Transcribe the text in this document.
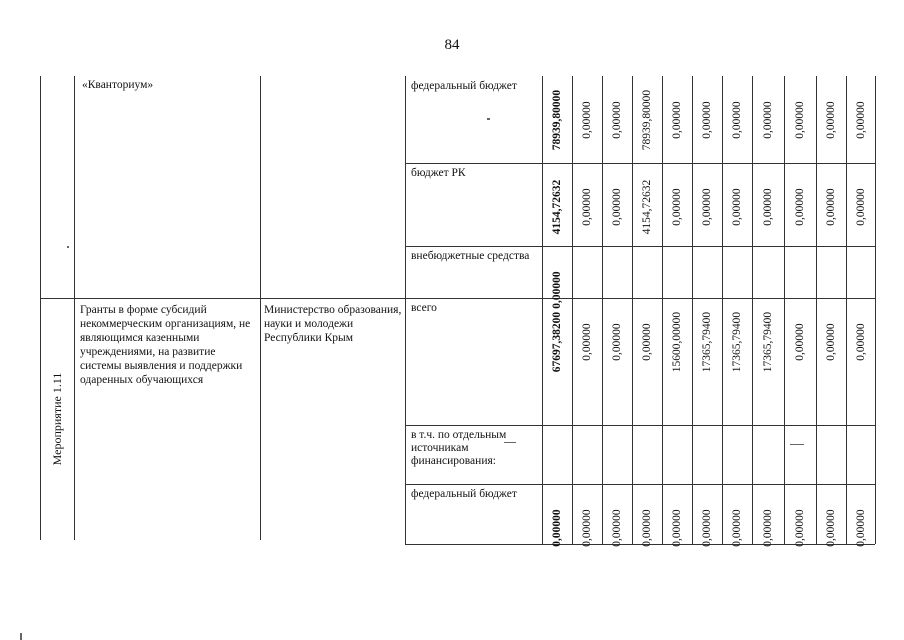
84
«Кванториум»
Мероприятие 1.11
Гранты в форме субсидий некоммерческим организациям, не являющимся казенными учреждениями, на развитие системы выявления и поддержки одаренных обучающихся
Министерство образования, науки и молодежи Республики Крым
федеральный бюджет
78939,80000 0,00000 0,00000 78939,80000 0,00000 0,00000 0,00000 0,00000 0,00000 0,00000 0,00000
бюджет РК
4154,72632 0,00000 0,00000 4154,72632 0,00000 0,00000 0,00000 0,00000 0,00000 0,00000 0,00000
внебюджетные средства
0,00000
всего
67697,38200 0,00000 0,00000 0,00000 15600,00000 17365,79400 17365,79400 17365,79400 0,00000 0,00000 0,00000
в т.ч. по отдельным источникам финансирования:
федеральный бюджет
0,00000 0,00000 0,00000 0,00000 0,00000 0,00000 0,00000 0,00000 0,00000 0,00000 0,00000
